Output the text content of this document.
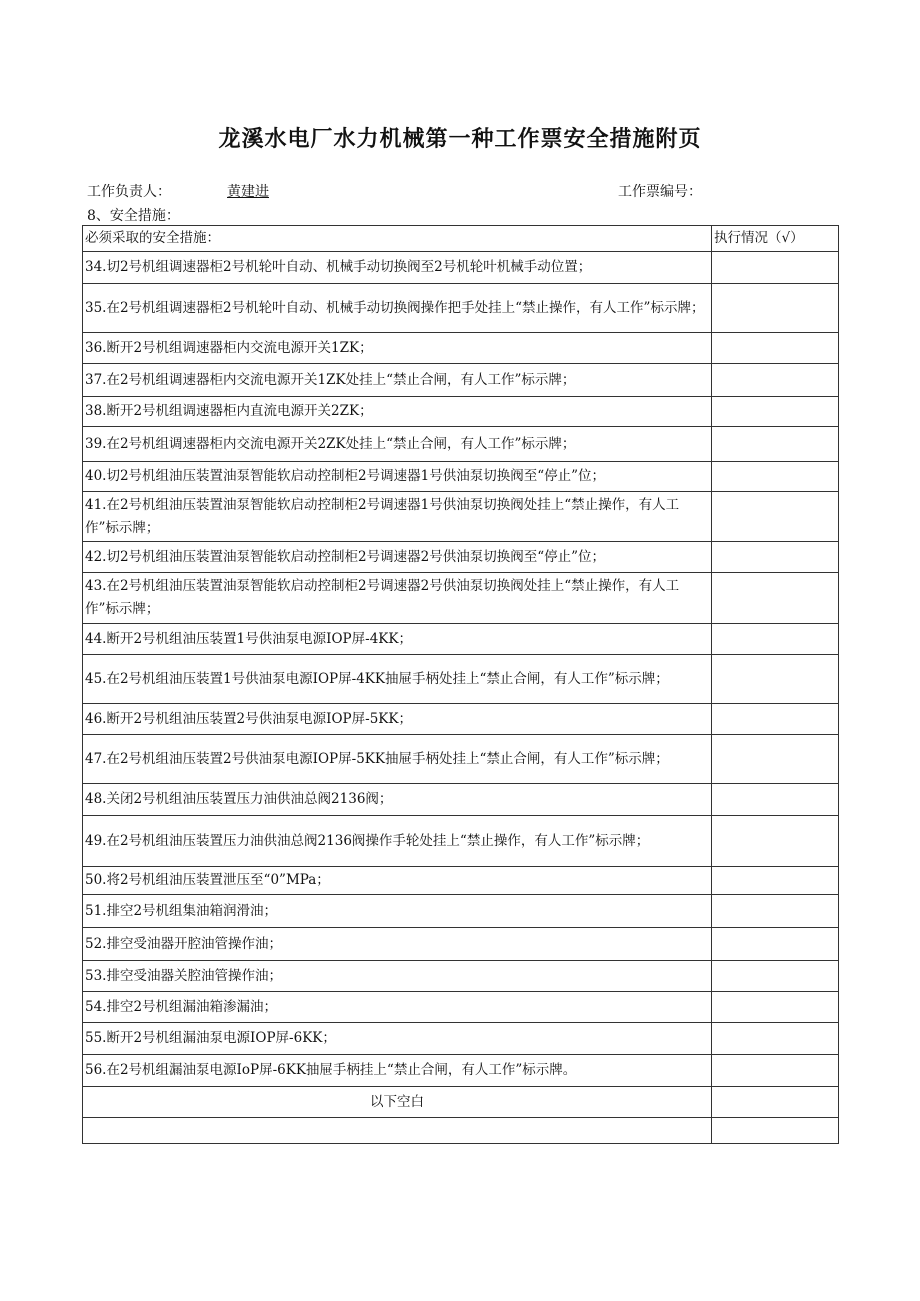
龙溪水电厂水力机械第一种工作票安全措施附页
工作负责人：	黄建进	工作票编号：
8、安全措施：
必须采取的安全措施：	执行情况（√）
34.切2号机组调速器柜2号机轮叶自动、机械手动切换阀至2号机轮叶机械手动位置；	
35.在2号机组调速器柜2号机轮叶自动、机械手动切换阀操作把手处挂上“禁止操作，有人工作”标示牌；	
36.断开2号机组调速器柜内交流电源开关1ZK；	
37.在2号机组调速器柜内交流电源开关1ZK处挂上“禁止合闸，有人工作”标示牌；	
38.断开2号机组调速器柜内直流电源开关2ZK；	
39.在2号机组调速器柜内交流电源开关2ZK处挂上“禁止合闸，有人工作”标示牌；	
40.切2号机组油压装置油泵智能软启动控制柜2号调速器1号供油泵切换阀至“停止”位；	
41.在2号机组油压装置油泵智能软启动控制柜2号调速器1号供油泵切换阀处挂上“禁止操作，有人工作”标示牌；	
42.切2号机组油压装置油泵智能软启动控制柜2号调速器2号供油泵切换阀至“停止”位；	
43.在2号机组油压装置油泵智能软启动控制柜2号调速器2号供油泵切换阀处挂上“禁止操作，有人工作”标示牌；	
44.断开2号机组油压装置1号供油泵电源IOP屏-4KK；	
45.在2号机组油压装置1号供油泵电源IOP屏-4KK抽屉手柄处挂上“禁止合闸，有人工作”标示牌；	
46.断开2号机组油压装置2号供油泵电源IOP屏-5KK；	
47.在2号机组油压装置2号供油泵电源IOP屏-5KK抽屉手柄处挂上“禁止合闸，有人工作”标示牌；	
48.关闭2号机组油压装置压力油供油总阀2136阀；	
49.在2号机组油压装置压力油供油总阀2136阀操作手轮处挂上“禁止操作，有人工作”标示牌；	
50.将2号机组油压装置泄压至“0”MPa；	
51.排空2号机组集油箱润滑油；	
52.排空受油器开腔油管操作油；	
53.排空受油器关腔油管操作油；	
54.排空2号机组漏油箱渗漏油；	
55.断开2号机组漏油泵电源IOP屏-6KK；	
56.在2号机组漏油泵电源IoP屏-6KK抽屉手柄挂上“禁止合闸，有人工作”标示牌。	
以下空白	
